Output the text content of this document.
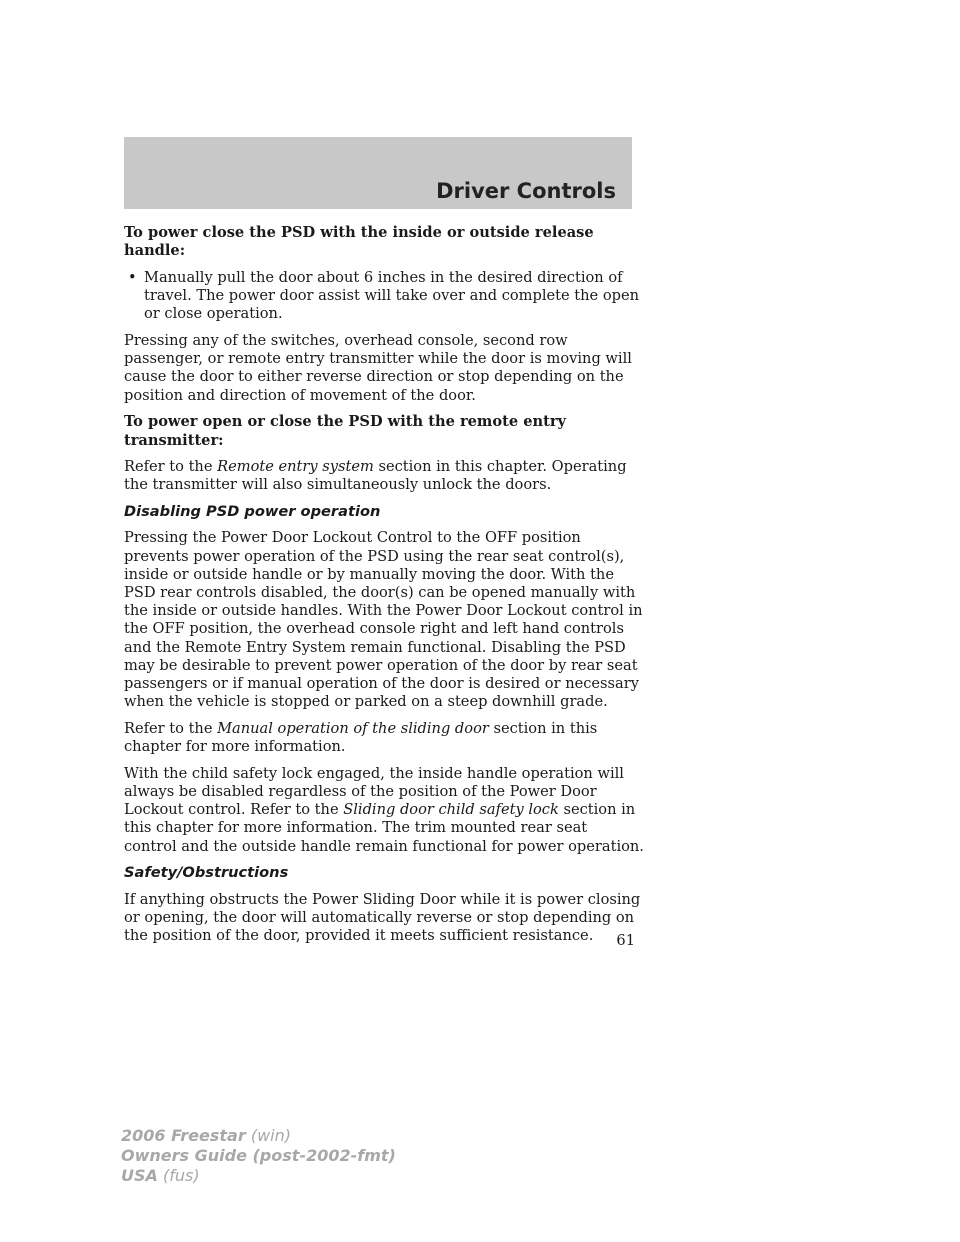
Driver Controls

To power close the PSD with the inside or outside release handle:

• Manually pull the door about 6 inches in the desired direction of travel. The power door assist will take over and complete the open or close operation.

Pressing any of the switches, overhead console, second row passenger, or remote entry transmitter while the door is moving will cause the door to either reverse direction or stop depending on the position and direction of movement of the door.

To power open or close the PSD with the remote entry transmitter:

Refer to the Remote entry system section in this chapter. Operating the transmitter will also simultaneously unlock the doors.

Disabling PSD power operation

Pressing the Power Door Lockout Control to the OFF position prevents power operation of the PSD using the rear seat control(s), inside or outside handle or by manually moving the door. With the PSD rear controls disabled, the door(s) can be opened manually with the inside or outside handles. With the Power Door Lockout control in the OFF position, the overhead console right and left hand controls and the Remote Entry System remain functional. Disabling the PSD may be desirable to prevent power operation of the door by rear seat passengers or if manual operation of the door is desired or necessary when the vehicle is stopped or parked on a steep downhill grade.

Refer to the Manual operation of the sliding door section in this chapter for more information.

With the child safety lock engaged, the inside handle operation will always be disabled regardless of the position of the Power Door Lockout control. Refer to the Sliding door child safety lock section in this chapter for more information. The trim mounted rear seat control and the outside handle remain functional for power operation.

Safety/Obstructions

If anything obstructs the Power Sliding Door while it is power closing or opening, the door will automatically reverse or stop depending on the position of the door, provided it meets sufficient resistance.	61
2006 Freestar (win)
Owners Guide (post-2002-fmt)
USA (fus)
